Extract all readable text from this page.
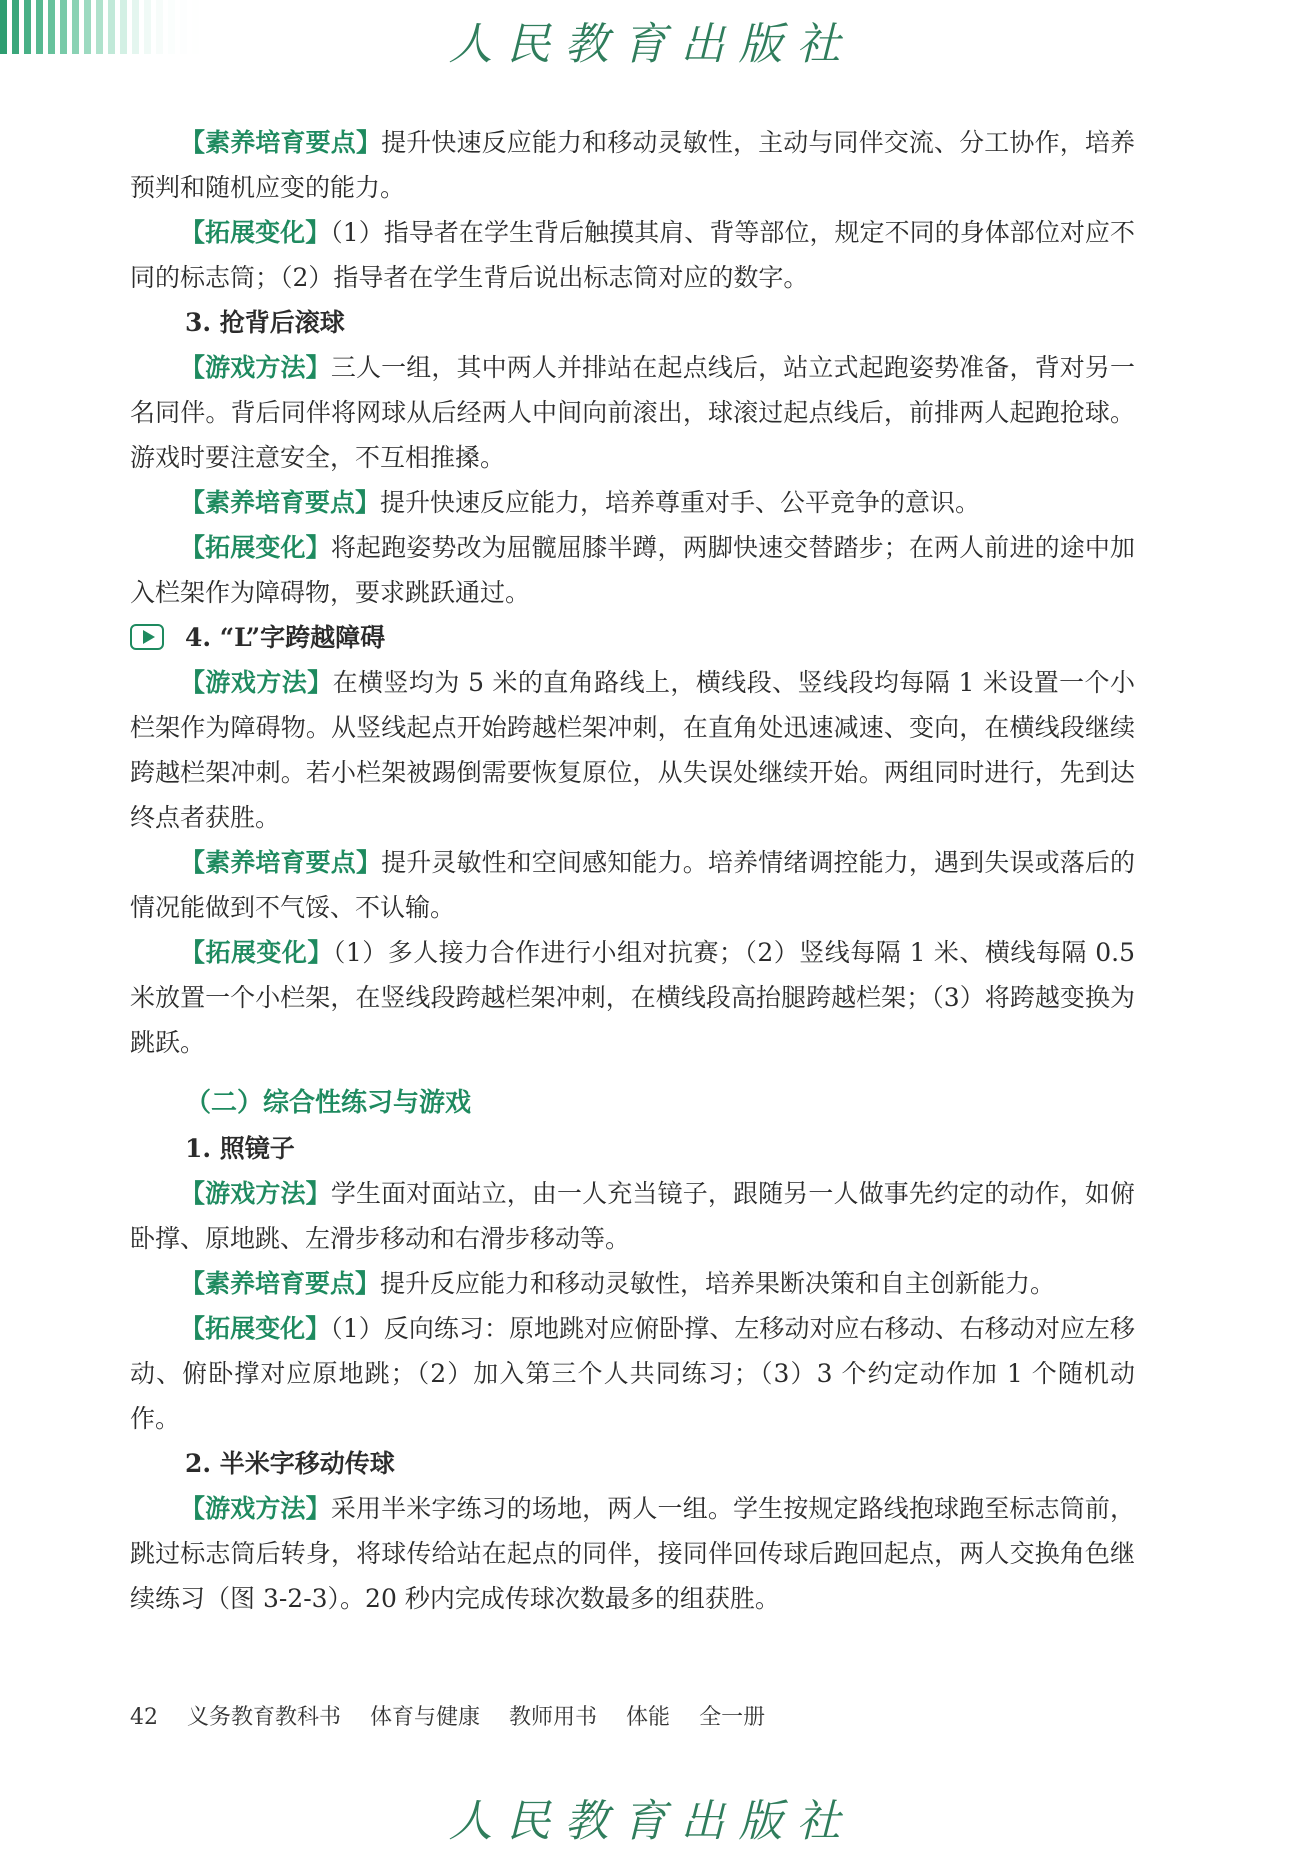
人民教育出版社

【素养培育要点】提升快速反应能力和移动灵敏性，主动与同伴交流、分工协作，培养预判和随机应变的能力。

【拓展变化】（1）指导者在学生背后触摸其肩、背等部位，规定不同的身体部位对应不同的标志筒；（2）指导者在学生背后说出标志筒对应的数字。

3. 抢背后滚球

【游戏方法】三人一组，其中两人并排站在起点线后，站立式起跑姿势准备，背对另一名同伴。背后同伴将网球从后经两人中间向前滚出，球滚过起点线后，前排两人起跑抢球。游戏时要注意安全，不互相推搡。

【素养培育要点】提升快速反应能力，培养尊重对手、公平竞争的意识。

【拓展变化】将起跑姿势改为屈髋屈膝半蹲，两脚快速交替踏步；在两人前进的途中加入栏架作为障碍物，要求跳跃通过。

4. “L”字跨越障碍

【游戏方法】在横竖均为 5 米的直角路线上，横线段、竖线段均每隔 1 米设置一个小栏架作为障碍物。从竖线起点开始跨越栏架冲刺，在直角处迅速减速、变向，在横线段继续跨越栏架冲刺。若小栏架被踢倒需要恢复原位，从失误处继续开始。两组同时进行，先到达终点者获胜。

【素养培育要点】提升灵敏性和空间感知能力。培养情绪调控能力，遇到失误或落后的情况能做到不气馁、不认输。

【拓展变化】（1）多人接力合作进行小组对抗赛；（2）竖线每隔 1 米、横线每隔 0.5 米放置一个小栏架，在竖线段跨越栏架冲刺，在横线段高抬腿跨越栏架；（3）将跨越变换为跳跃。

（二）综合性练习与游戏

1. 照镜子

【游戏方法】学生面对面站立，由一人充当镜子，跟随另一人做事先约定的动作，如俯卧撑、原地跳、左滑步移动和右滑步移动等。

【素养培育要点】提升反应能力和移动灵敏性，培养果断决策和自主创新能力。

【拓展变化】（1）反向练习：原地跳对应俯卧撑、左移动对应右移动、右移动对应左移动、俯卧撑对应原地跳；（2）加入第三个人共同练习；（3）3 个约定动作加 1 个随机动作。

2. 半米字移动传球

【游戏方法】采用半米字练习的场地，两人一组。学生按规定路线抱球跑至标志筒前，跳过标志筒后转身，将球传给站在起点的同伴，接同伴回传球后跑回起点，两人交换角色继续练习（图 3-2-3）。20 秒内完成传球次数最多的组获胜。

42 义务教育教科书 体育与健康 教师用书 体能 全一册
人民教育出版社
